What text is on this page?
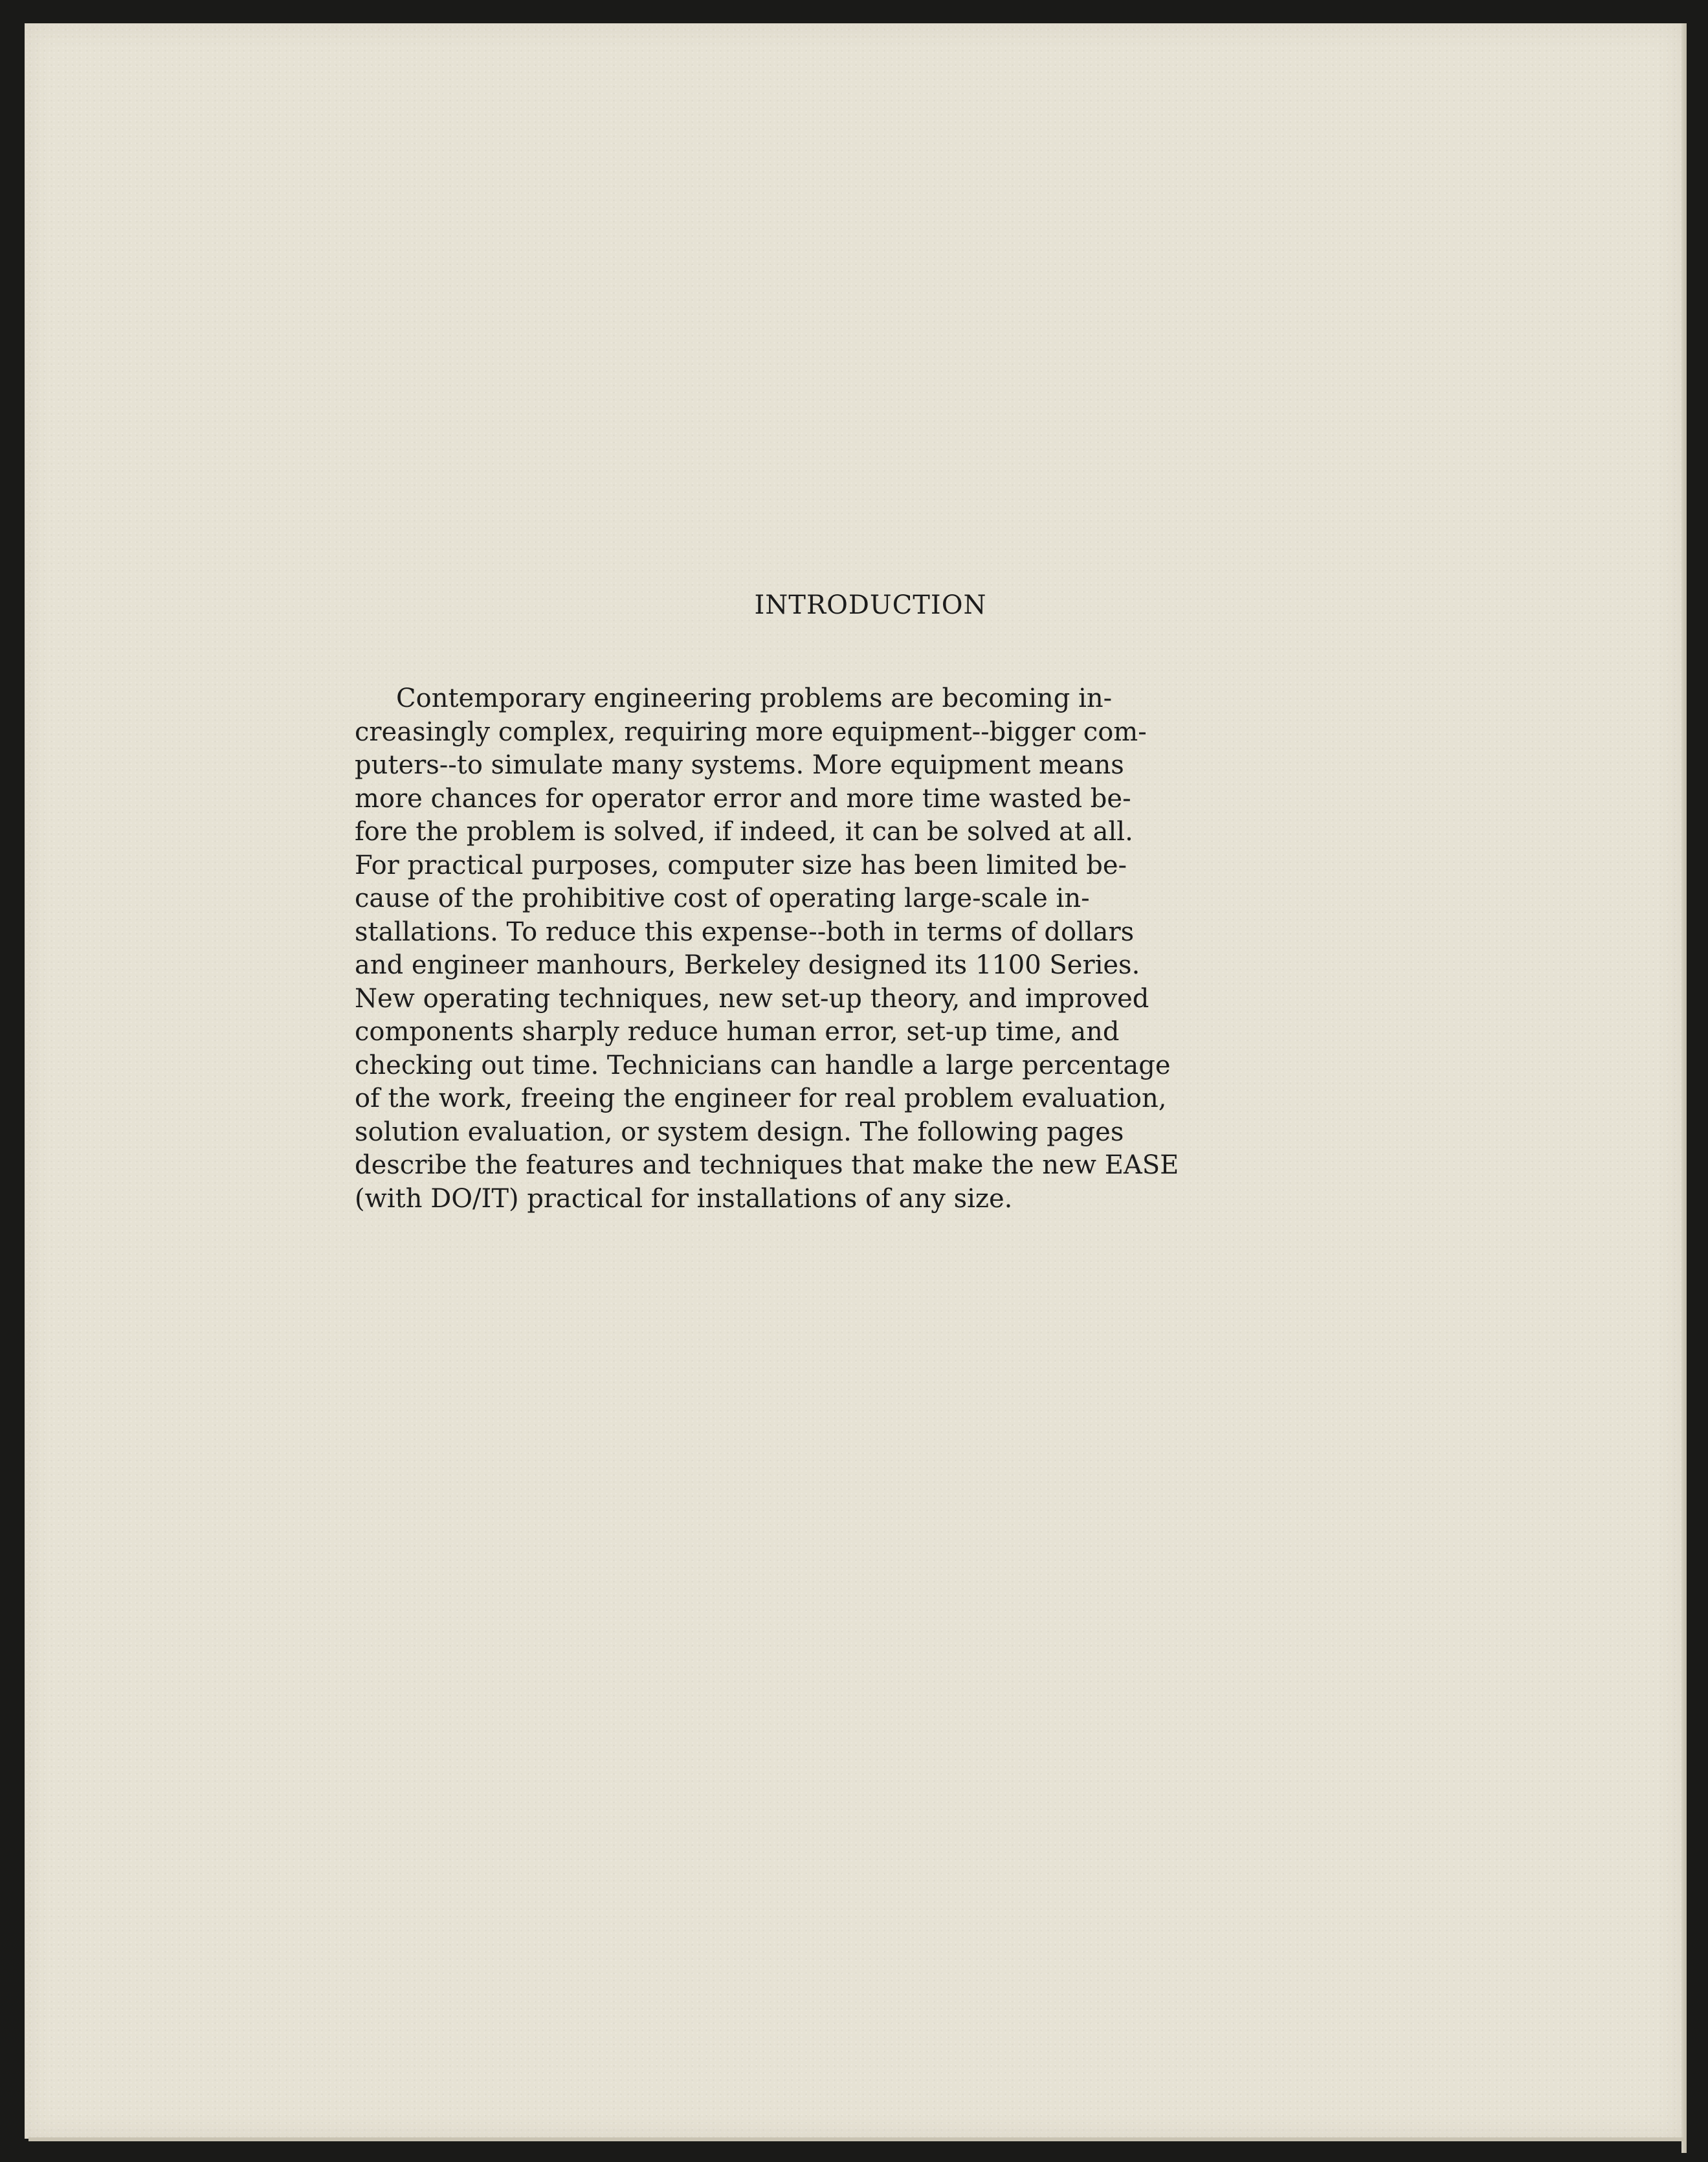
INTRODUCTION
Contemporary engineering problems are becoming in-
creasingly complex, requiring more equipment--bigger com-
puters--to simulate many systems. More equipment means
more chances for operator error and more time wasted be-
fore the problem is solved, if indeed, it can be solved at all.
For practical purposes, computer size has been limited be-
cause of the prohibitive cost of operating large-scale in-
stallations. To reduce this expense--both in terms of dollars
and engineer manhours, Berkeley designed its 1100 Series.
New operating techniques, new set-up theory, and improved
components sharply reduce human error, set-up time, and
checking out time. Technicians can handle a large percentage
of the work, freeing the engineer for real problem evaluation,
solution evaluation, or system design. The following pages
describe the features and techniques that make the new EASE
(with DO/IT) practical for installations of any size.
